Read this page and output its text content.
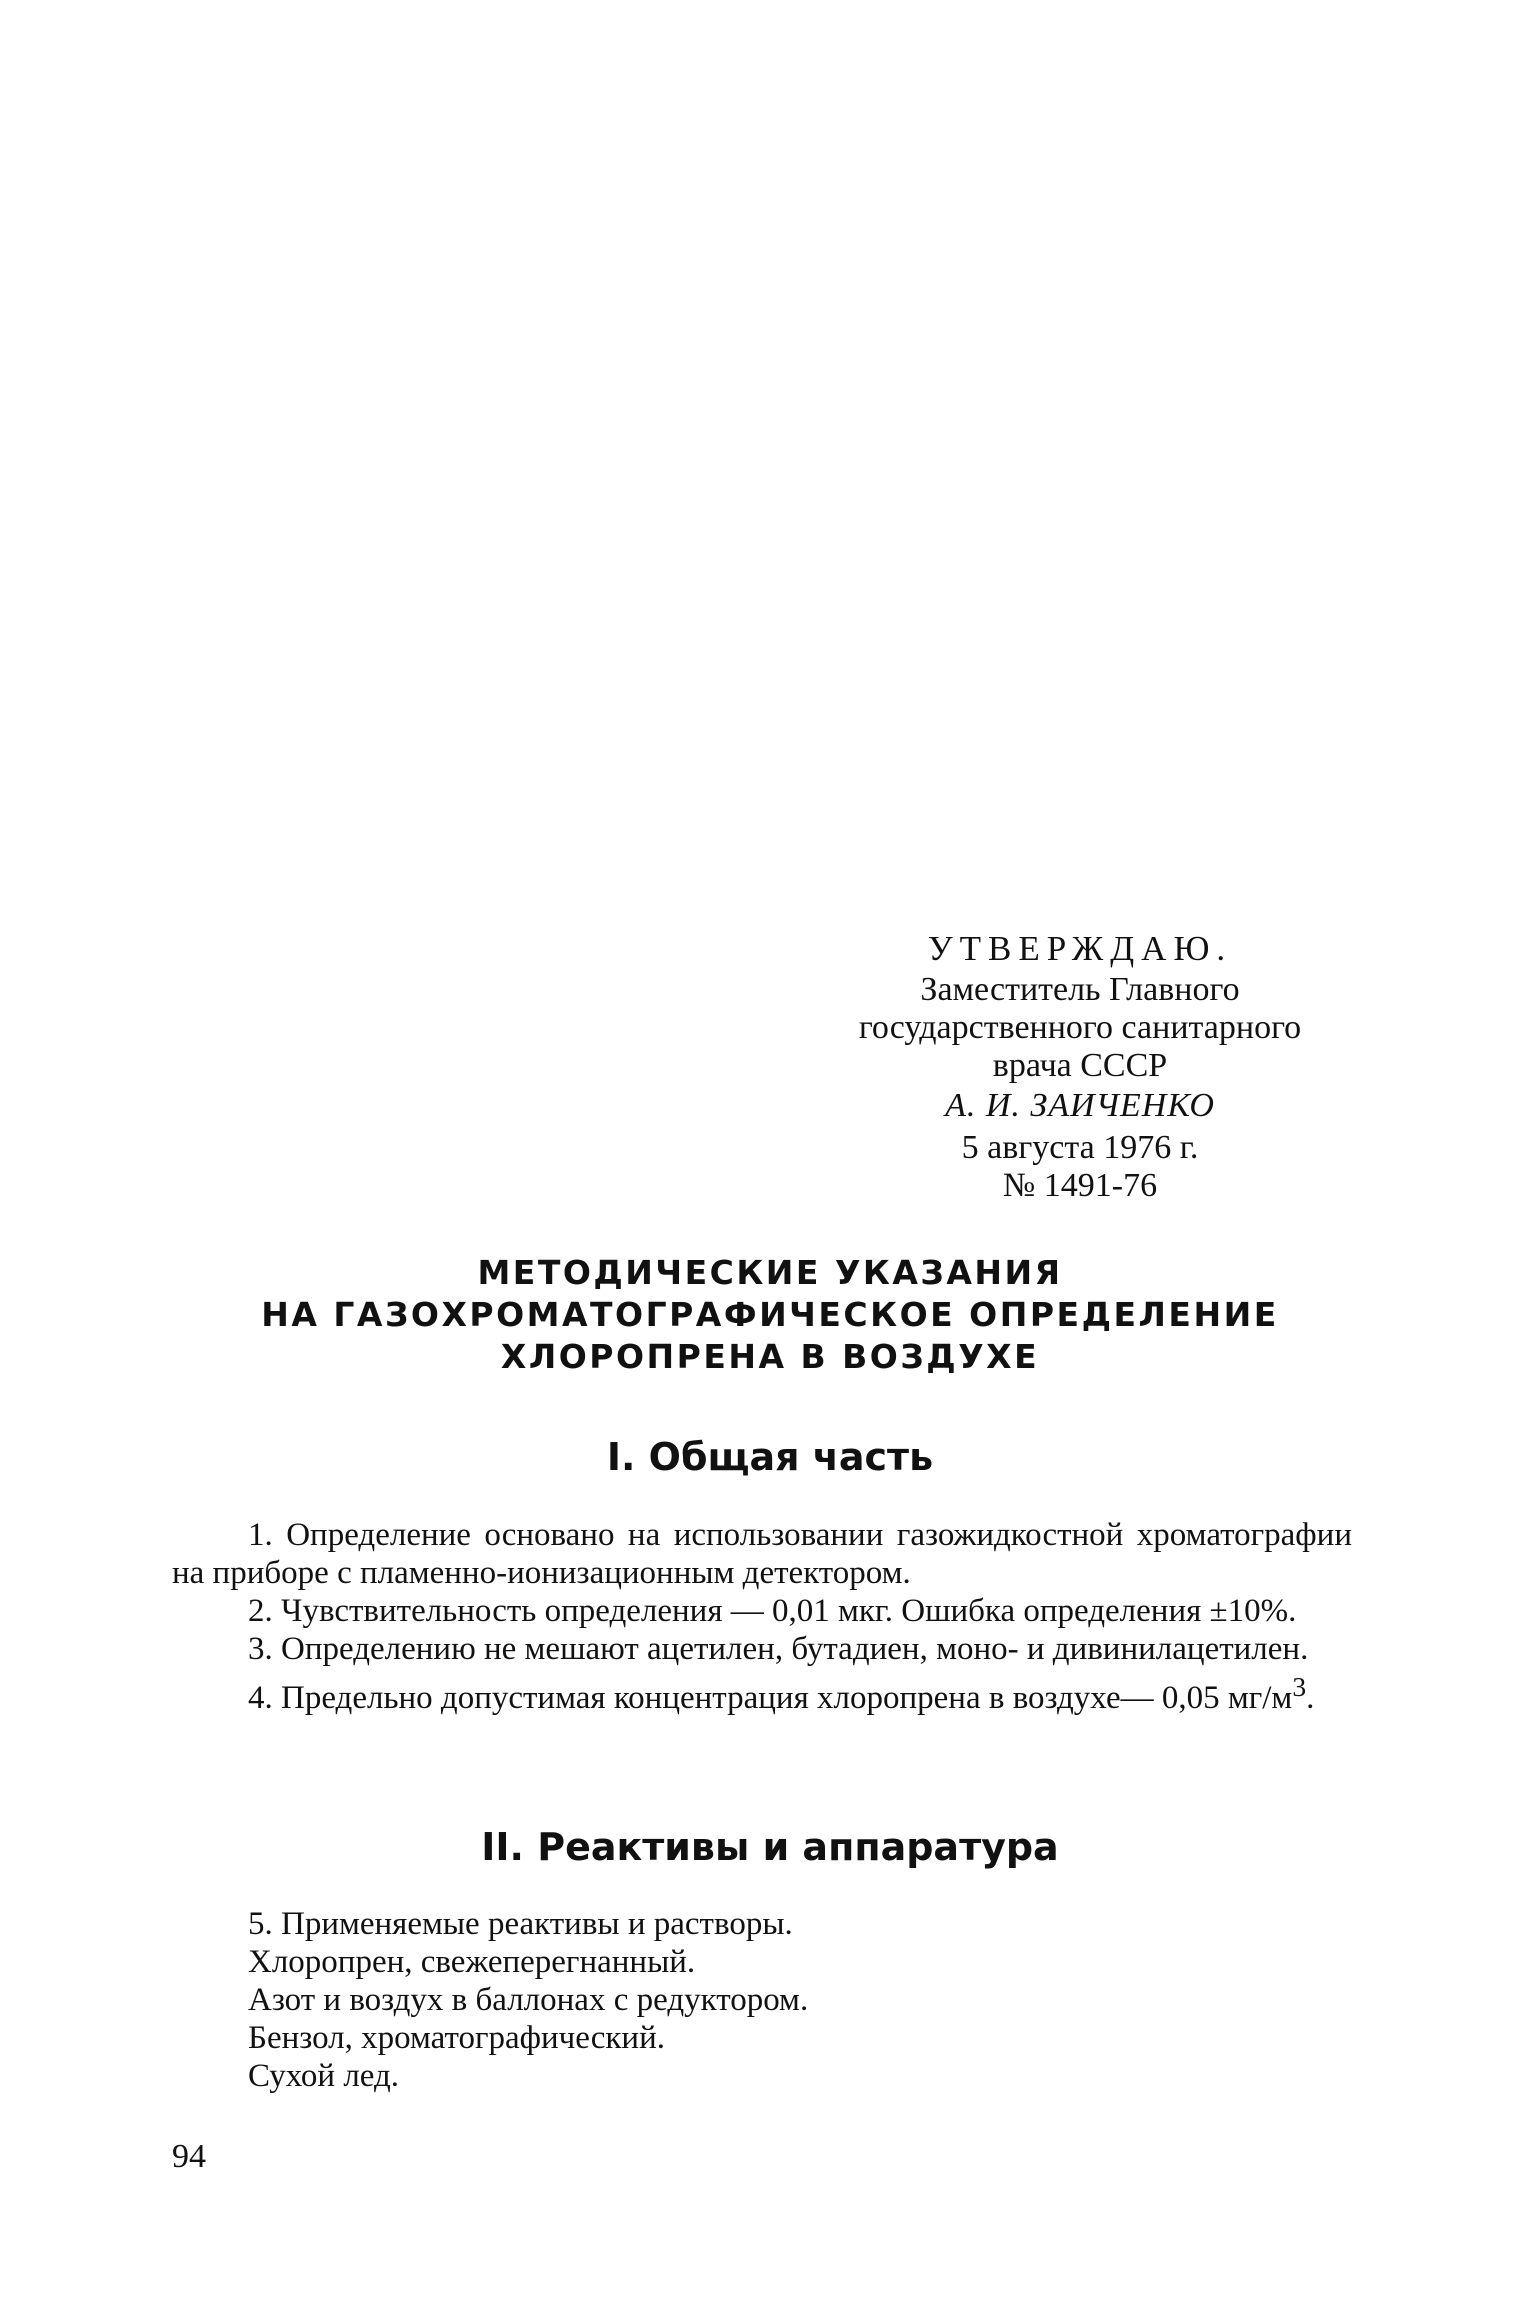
УТВЕРЖДАЮ.
Заместитель Главного
государственного санитарного
врача СССР
А. И. ЗАИЧЕНКО
5 августа 1976 г.
№ 1491-76
МЕТОДИЧЕСКИЕ УКАЗАНИЯ
НА ГАЗОХРОМАТОГРАФИЧЕСКОЕ ОПРЕДЕЛЕНИЕ
ХЛОРОПРЕНА В ВОЗДУХЕ
I. Общая часть

1. Определение основано на использовании газожидкостной хроматографии на приборе с пламенно-ионизационным детектором.

2. Чувствительность определения — 0,01 мкг. Ошибка определения ±10%.

3. Определению не мешают ацетилен, бутадиен, моно- и дивинилацетилен.

4. Предельно допустимая концентрация хлоропрена в воздухе— 0,05 $мг/м^3$.

II. Реактивы и аппаратура

5. Применяемые реактивы и растворы.

Хлоропрен, свежеперегнанный.

Азот и воздух в баллонах с редуктором.

Бензол, хроматографический.

Сухой лед.

94
